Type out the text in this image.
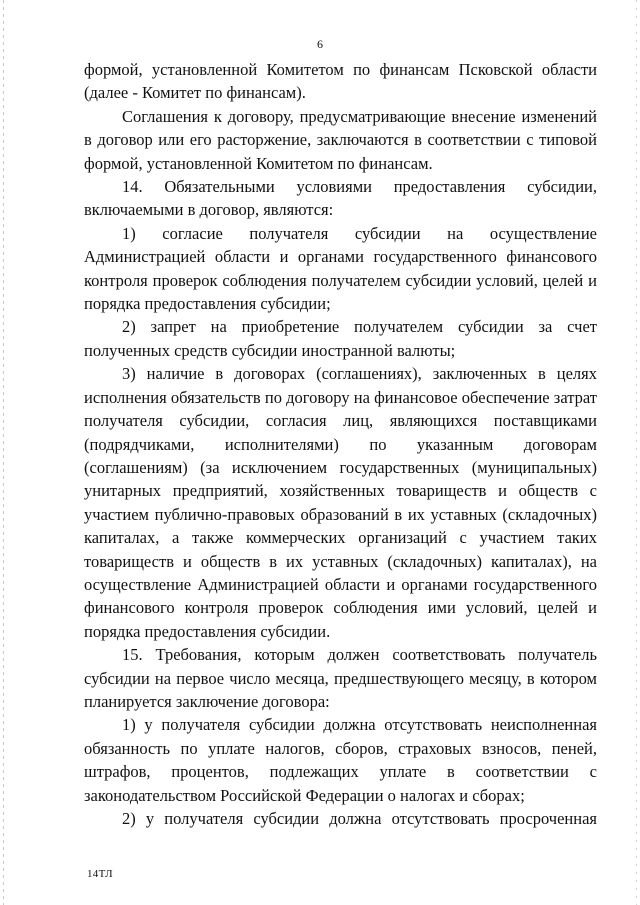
6

формой, установленной Комитетом по финансам Псковской области (далее - Комитет по финансам).

Соглашения к договору, предусматривающие внесение изменений в договор или его расторжение, заключаются в соответствии с типовой формой, установленной Комитетом по финансам.

14. Обязательными условиями предоставления субсидии, включаемыми в договор, являются:

1) согласие получателя субсидии на осуществление Администрацией области и органами государственного финансового контроля проверок соблюдения получателем субсидии условий, целей и порядка предоставления субсидии;

2) запрет на приобретение получателем субсидии за счет полученных средств субсидии иностранной валюты;

3) наличие в договорах (соглашениях), заключенных в целях исполнения обязательств по договору на финансовое обеспечение затрат получателя субсидии, согласия лиц, являющихся поставщиками (подрядчиками, исполнителями) по указанным договорам (соглашениям) (за исключением государственных (муниципальных) унитарных предприятий, хозяйственных товариществ и обществ с участием публично-правовых образований в их уставных (складочных) капиталах, а также коммерческих организаций с участием таких товариществ и обществ в их уставных (складочных) капиталах), на осуществление Администрацией области и органами государственного финансового контроля проверок соблюдения ими условий, целей и порядка предоставления субсидии.

15. Требования, которым должен соответствовать получатель субсидии на первое число месяца, предшествующего месяцу, в котором планируется заключение договора:

1) у получателя субсидии должна отсутствовать неисполненная обязанность по уплате налогов, сборов, страховых взносов, пеней, штрафов, процентов, подлежащих уплате в соответствии с законодательством Российской Федерации о налогах и сборах;

2) у получателя субсидии должна отсутствовать просроченная

14ТЛ
